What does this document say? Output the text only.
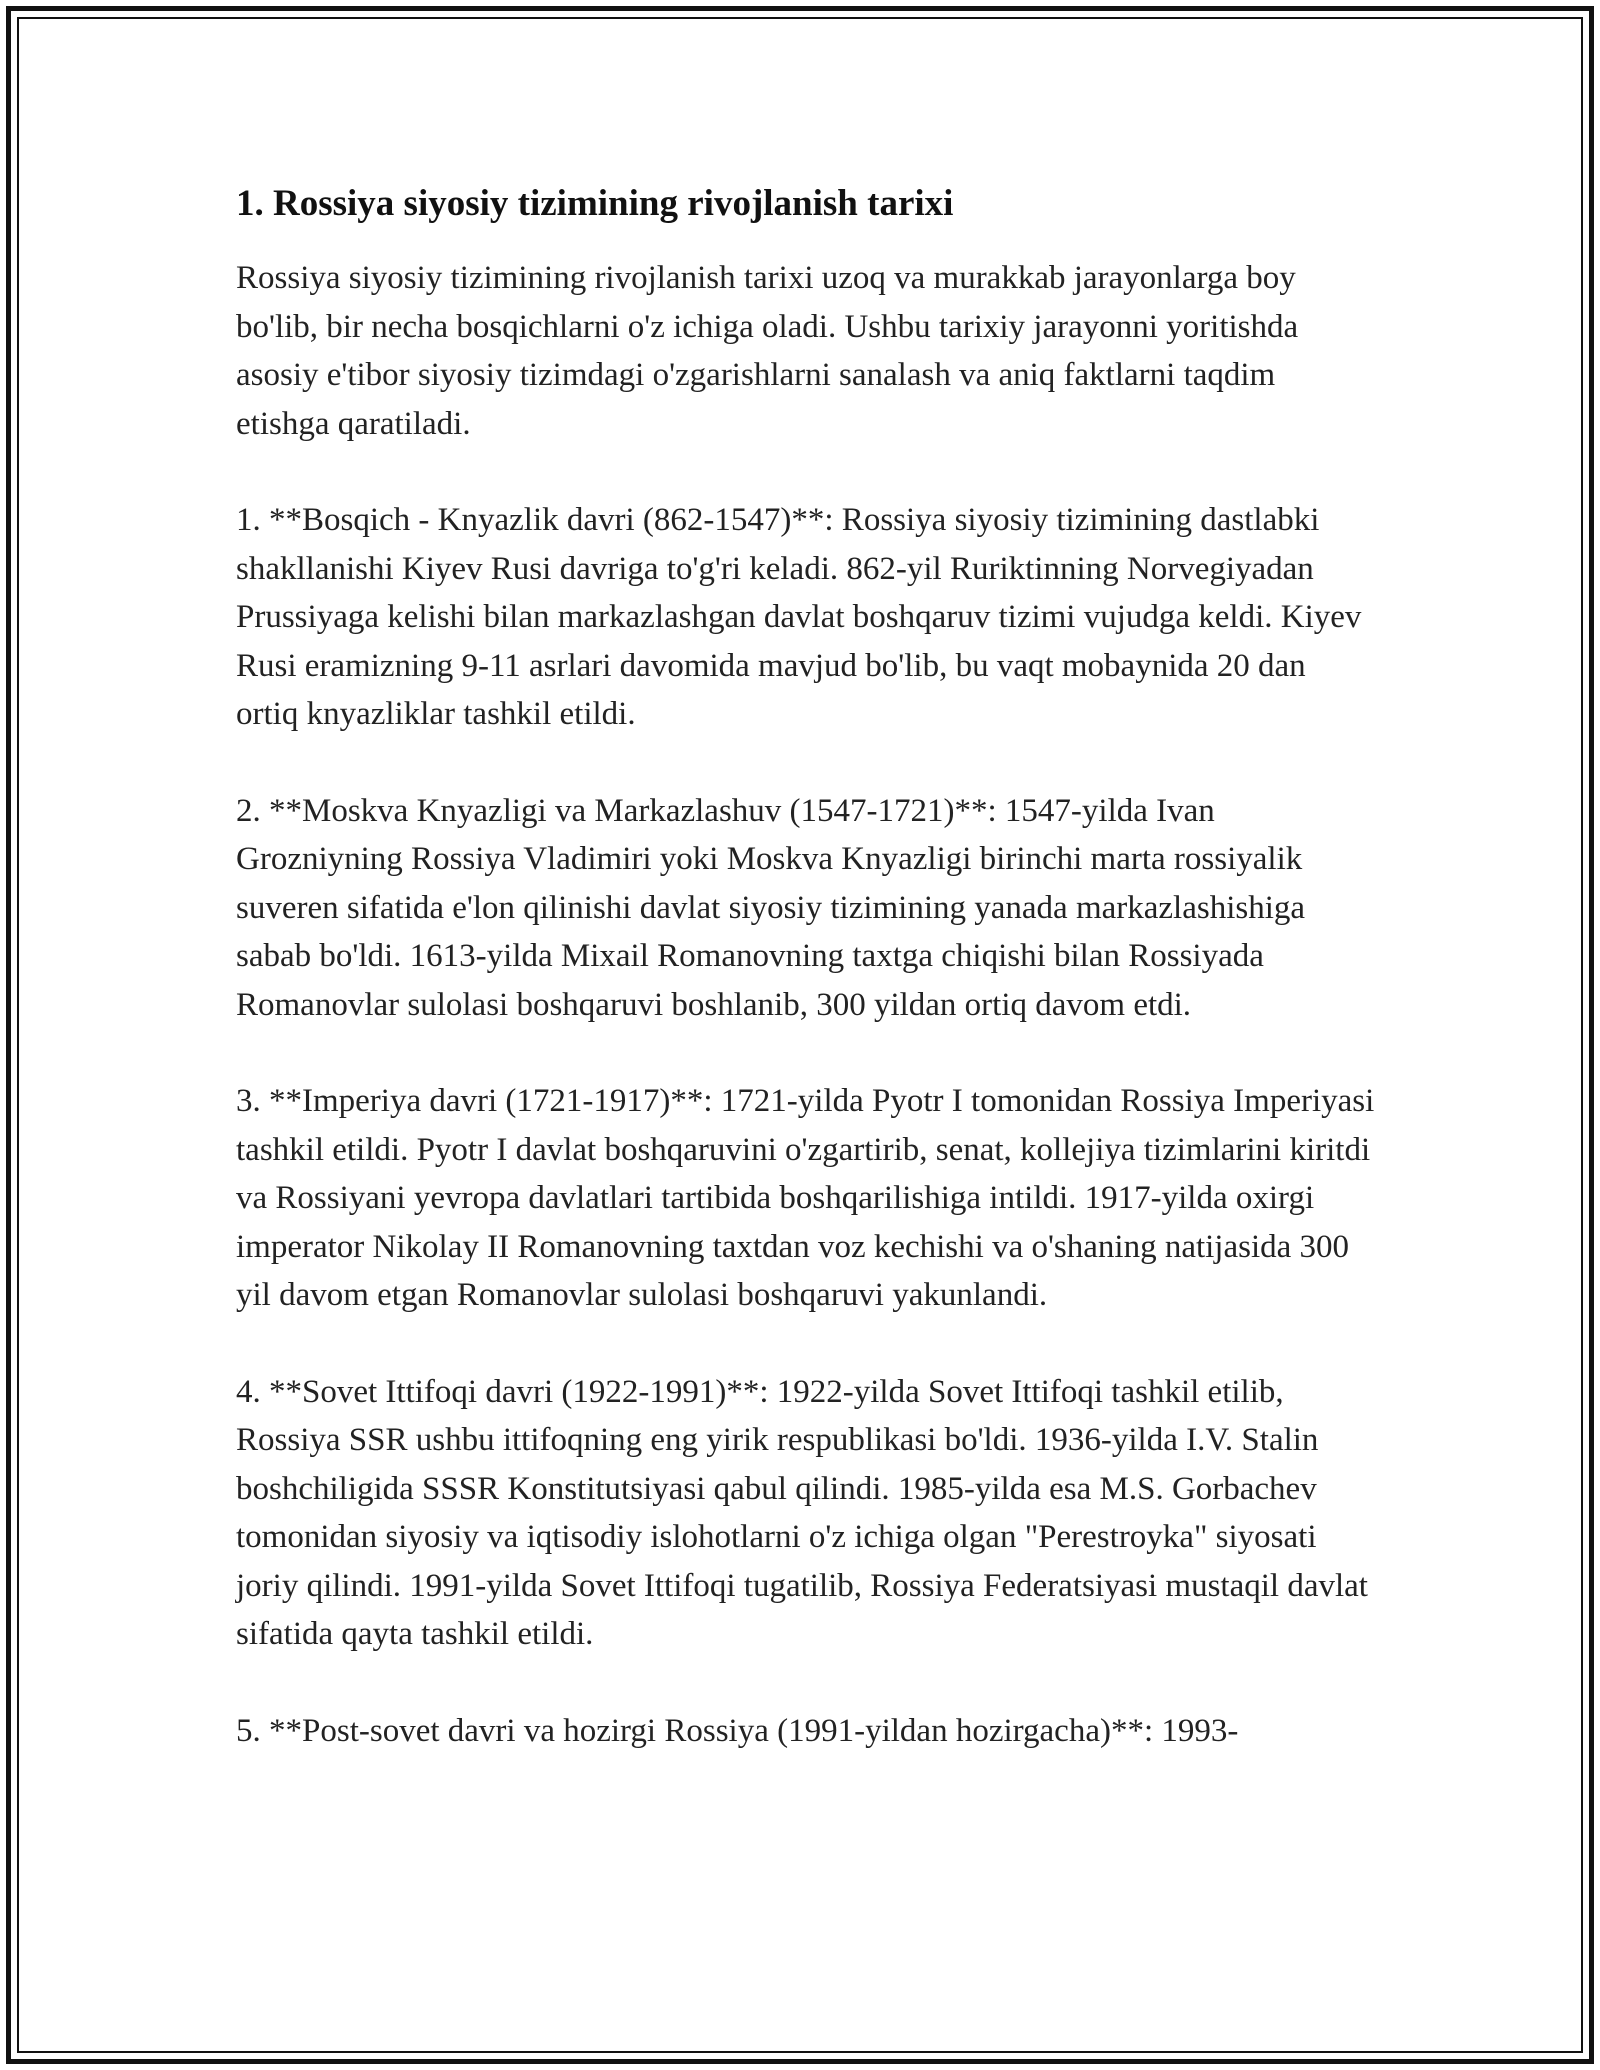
1. Rossiya siyosiy tizimining rivojlanish tarixi

Rossiya siyosiy tizimining rivojlanish tarixi uzoq va murakkab jarayonlarga boy bo'lib, bir necha bosqichlarni o'z ichiga oladi. Ushbu tarixiy jarayonni yoritishda asosiy e'tibor siyosiy tizimdagi o'zgarishlarni sanalash va aniq faktlarni taqdim etishga qaratiladi.

1. **Bosqich - Knyazlik davri (862-1547)**: Rossiya siyosiy tizimining dastlabki shakllanishi Kiyev Rusi davriga to'g'ri keladi. 862-yil Ruriktinning Norvegiyadan Prussiyaga kelishi bilan markazlashgan davlat boshqaruv tizimi vujudga keldi. Kiyev Rusi eramizning 9-11 asrlari davomida mavjud bo'lib, bu vaqt mobaynida 20 dan ortiq knyazliklar tashkil etildi.

2. **Moskva Knyazligi va Markazlashuv (1547-1721)**: 1547-yilda Ivan Grozniyning Rossiya Vladimiri yoki Moskva Knyazligi birinchi marta rossiyalik suveren sifatida e'lon qilinishi davlat siyosiy tizimining yanada markazlashishiga sabab bo'ldi. 1613-yilda Mixail Romanovning taxtga chiqishi bilan Rossiyada Romanovlar sulolasi boshqaruvi boshlanib, 300 yildan ortiq davom etdi.

3. **Imperiya davri (1721-1917)**: 1721-yilda Pyotr I tomonidan Rossiya Imperiyasi tashkil etildi. Pyotr I davlat boshqaruvini o'zgartirib, senat, kollejiya tizimlarini kiritdi va Rossiyani yevropa davlatlari tartibida boshqarilishiga intildi. 1917-yilda oxirgi imperator Nikolay II Romanovning taxtdan voz kechishi va o'shaning natijasida 300 yil davom etgan Romanovlar sulolasi boshqaruvi yakunlandi.

4. **Sovet Ittifoqi davri (1922-1991)**: 1922-yilda Sovet Ittifoqi tashkil etilib, Rossiya SSR ushbu ittifoqning eng yirik respublikasi bo'ldi. 1936-yilda I.V. Stalin boshchiligida SSSR Konstitutsiyasi qabul qilindi. 1985-yilda esa M.S. Gorbachev tomonidan siyosiy va iqtisodiy islohotlarni o'z ichiga olgan "Perestroyka" siyosati joriy qilindi. 1991-yilda Sovet Ittifoqi tugatilib, Rossiya Federatsiyasi mustaqil davlat sifatida qayta tashkil etildi.

5. **Post-sovet davri va hozirgi Rossiya (1991-yildan hozirgacha)**: 1993-
